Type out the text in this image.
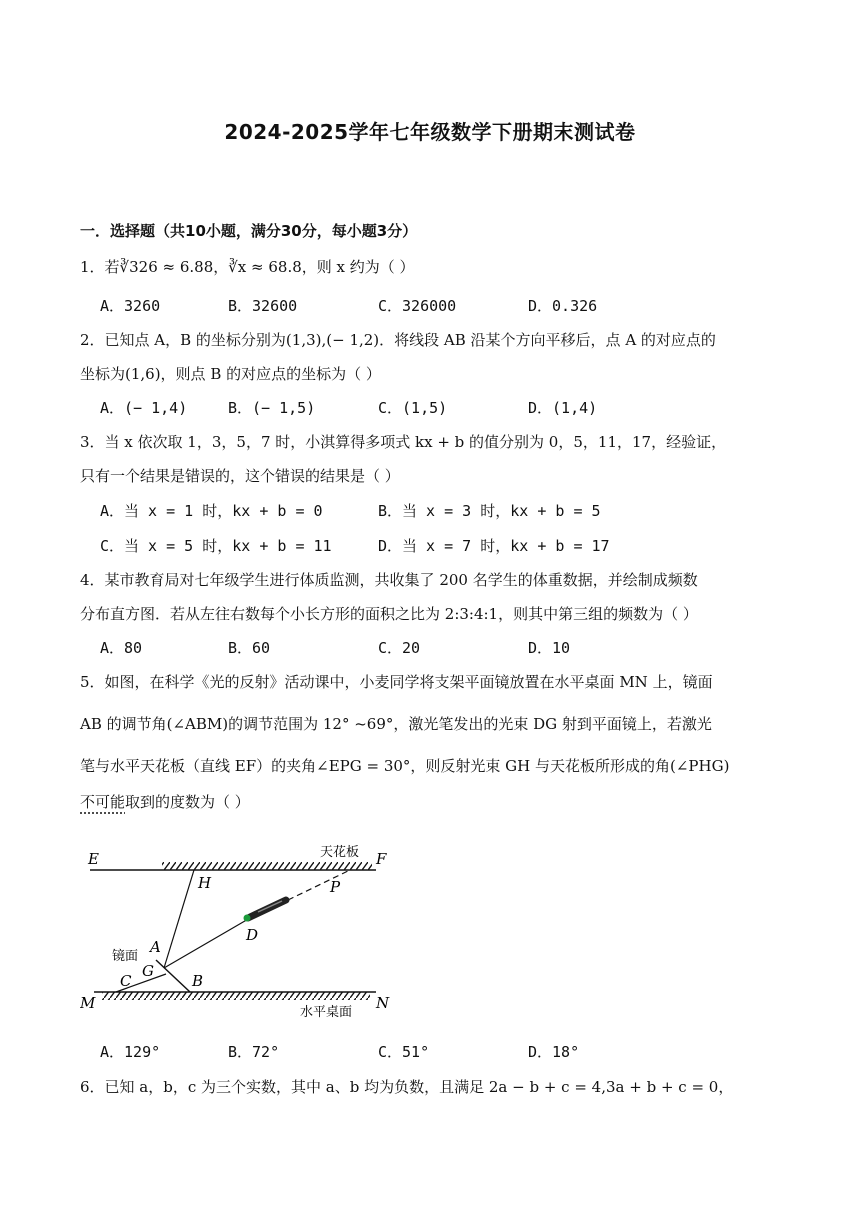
2024-2025学年七年级数学下册期末测试卷
一．选择题（共10小题，满分30分，每小题3分）
1．若∛326 ≈ 6.88，∛x ≈ 68.8，则 x 约为（ ）
A．3260	B．32600	C．326000	D．0.326
2．已知点 A，B 的坐标分别为(1,3),(− 1,2)．将线段 AB 沿某个方向平移后，点 A 的对应点的
坐标为(1,6)，则点 B 的对应点的坐标为（ ）
A．(− 1,4)	B．(− 1,5)	C．(1,5)	D．(1,4)
3．当 x 依次取 1，3，5，7 时，小淇算得多项式 kx + b 的值分别为 0，5，11，17，经验证，
只有一个结果是错误的，这个错误的结果是（ ）
A．当 x = 1 时，kx + b = 0	B．当 x = 3 时，kx + b = 5
C．当 x = 5 时，kx + b = 11	D．当 x = 7 时，kx + b = 17
4．某市教育局对七年级学生进行体质监测，共收集了 200 名学生的体重数据，并绘制成频数
分布直方图．若从左往右数每个小长方形的面积之比为 2:3:4:1，则其中第三组的频数为（ ）
A．80	B．60	C．20	D．10
5．如图，在科学《光的反射》活动课中，小麦同学将支架平面镜放置在水平桌面 MN 上，镜面
AB 的调节角(∠ABM)的调节范围为 12° ~69°，激光笔发出的光束 DG 射到平面镜上，若激光
笔与水平天花板（直线 EF）的夹角∠EPG = 30°，则反射光束 GH 与天花板所形成的角(∠PHG)
不可能取到的度数为（ ）
E	F
天花板
H	P
D
A
镜面
G
C	B
M	N
水平桌面
A．129°	B．72°	C．51°	D．18°
6．已知 a，b，c 为三个实数，其中 a、b 均为负数，且满足 2a − b + c = 4,3a + b + c = 0，
